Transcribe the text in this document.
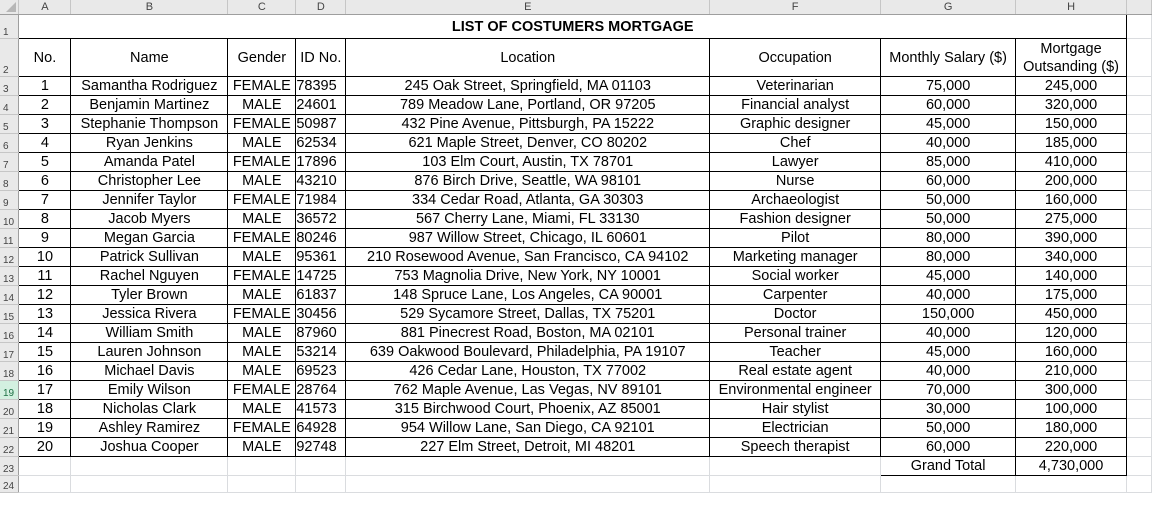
	A	B	C	D	E	F	G	H	
1	LIST OF COSTUMERS MORTGAGE								
2	No.	Name	Gender	ID No.	Location	Occupation	Monthly Salary ($)	Mortgage
Outsanding ($)	
3	1	Samantha Rodriguez	FEMALE	78395	245 Oak Street, Springfield, MA 01103	Veterinarian	75,000	245,000	
4	2	Benjamin Martinez	MALE	24601	789 Meadow Lane, Portland, OR 97205	Financial analyst	60,000	320,000	
5	3	Stephanie Thompson	FEMALE	50987	432 Pine Avenue, Pittsburgh, PA 15222	Graphic designer	45,000	150,000	
6	4	Ryan Jenkins	MALE	62534	621 Maple Street, Denver, CO 80202	Chef	40,000	185,000	
7	5	Amanda Patel	FEMALE	17896	103 Elm Court, Austin, TX 78701	Lawyer	85,000	410,000	
8	6	Christopher Lee	MALE	43210	876 Birch Drive, Seattle, WA 98101	Nurse	60,000	200,000	
9	7	Jennifer Taylor	FEMALE	71984	334 Cedar Road, Atlanta, GA 30303	Archaeologist	50,000	160,000	
10	8	Jacob Myers	MALE	36572	567 Cherry Lane, Miami, FL 33130	Fashion designer	50,000	275,000	
11	9	Megan Garcia	FEMALE	80246	987 Willow Street, Chicago, IL 60601	Pilot	80,000	390,000	
12	10	Patrick Sullivan	MALE	95361	210 Rosewood Avenue, San Francisco, CA 94102	Marketing manager	80,000	340,000	
13	11	Rachel Nguyen	FEMALE	14725	753 Magnolia Drive, New York, NY 10001	Social worker	45,000	140,000	
14	12	Tyler Brown	MALE	61837	148 Spruce Lane, Los Angeles, CA 90001	Carpenter	40,000	175,000	
15	13	Jessica Rivera	FEMALE	30456	529 Sycamore Street, Dallas, TX 75201	Doctor	150,000	450,000	
16	14	William Smith	MALE	87960	881 Pinecrest Road, Boston, MA 02101	Personal trainer	40,000	120,000	
17	15	Lauren Johnson	MALE	53214	639 Oakwood Boulevard, Philadelphia, PA 19107	Teacher	45,000	160,000	
18	16	Michael Davis	MALE	69523	426 Cedar Lane, Houston, TX 77002	Real estate agent	40,000	210,000	
19	17	Emily Wilson	FEMALE	28764	762 Maple Avenue, Las Vegas, NV 89101	Environmental engineer	70,000	300,000	
20	18	Nicholas Clark	MALE	41573	315 Birchwood Court, Phoenix, AZ 85001	Hair stylist	30,000	100,000	
21	19	Ashley Ramirez	FEMALE	64928	954 Willow Lane, San Diego, CA 92101	Electrician	50,000	180,000	
22	20	Joshua Cooper	MALE	92748	227 Elm Street, Detroit, MI 48201	Speech therapist	60,000	220,000	
23							Grand Total	4,730,000	
24									
